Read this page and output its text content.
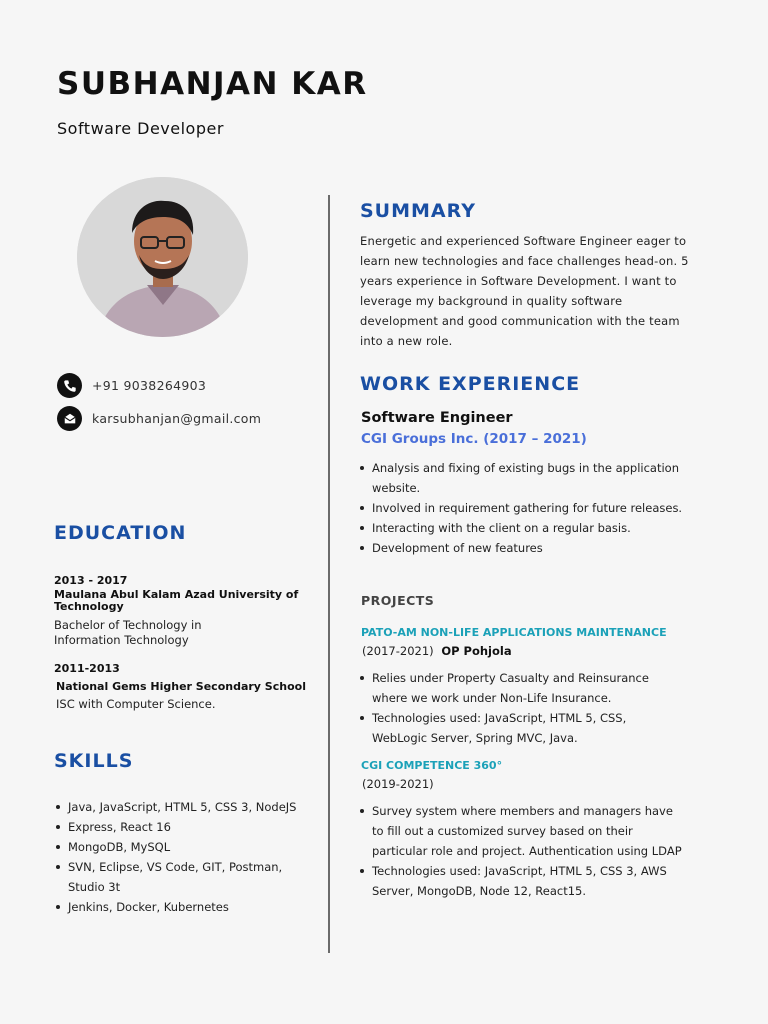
SUBHANJAN KAR
Software Developer
+91 9038264903
karsubhanjan@gmail.com
EDUCATION
2013 - 2017
Maulana Abul Kalam Azad University of Technology
Bachelor of Technology in
Information Technology
2011-2013
National Gems Higher Secondary School
ISC with Computer Science.
SKILLS
Java, JavaScript, HTML 5, CSS 3, NodeJS
Express, React 16
MongoDB, MySQL
SVN, Eclipse, VS Code, GIT, Postman, Studio 3t
Jenkins, Docker, Kubernetes
SUMMARY
Energetic and experienced Software Engineer eager to learn new technologies and face challenges head-on. 5 years experience in Software Development. I want to leverage my background in quality software development and good communication with the team into a new role.
WORK EXPERIENCE
Software Engineer
CGI Groups Inc. (2017 – 2021)
Analysis and fixing of existing bugs in the application website.
Involved in requirement gathering for future releases.
Interacting with the client on a regular basis.
Development of new features
PROJECTS
PATO-AM NON-LIFE APPLICATIONS MAINTENANCE
(2017-2021) OP Pohjola
Relies under Property Casualty and Reinsurance where we work under Non-Life Insurance.
Technologies used: JavaScript, HTML 5, CSS, WebLogic Server, Spring MVC, Java.
CGI COMPETENCE 360°
(2019-2021)
Survey system where members and managers have to fill out a customized survey based on their particular role and project. Authentication using LDAP
Technologies used: JavaScript, HTML 5, CSS 3, AWS Server, MongoDB, Node 12, React15.
